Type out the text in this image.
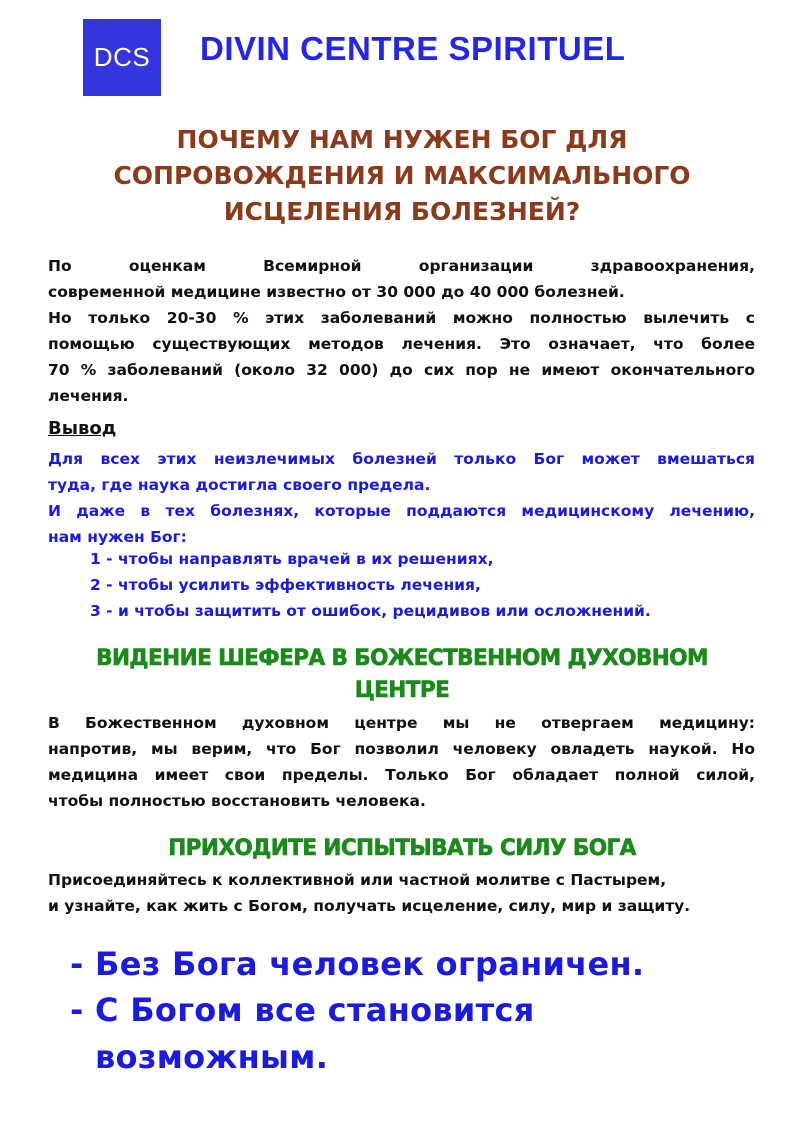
DCS DIVIN CENTRE SPIRITUEL
ПОЧЕМУ НАМ НУЖЕН БОГ ДЛЯ
СОПРОВОЖДЕНИЯ И МАКСИМАЛЬНОГО
ИСЦЕЛЕНИЯ БОЛЕЗНЕЙ?
По оценкам Всемирной организации здравоохранения,
современной медицине известно от 30 000 до 40 000 болезней.
Но только 20-30 % этих заболеваний можно полностью вылечить с
помощью существующих методов лечения. Это означает, что более
70 % заболеваний (около 32 000) до сих пор не имеют окончательного
лечения.
Вывод
Для всех этих неизлечимых болезней только Бог может вмешаться
туда, где наука достигла своего предела.
И даже в тех болезнях, которые поддаются медицинскому лечению,
нам нужен Бог:
1 - чтобы направлять врачей в их решениях,
2 - чтобы усилить эффективность лечения,
3 - и чтобы защитить от ошибок, рецидивов или осложнений.
ВИДЕНИЕ ШЕФЕРА В БОЖЕСТВЕННОМ ДУХОВНОМ
ЦЕНТРЕ
В Божественном духовном центре мы не отвергаем медицину:
напротив, мы верим, что Бог позволил человеку овладеть наукой. Но
медицина имеет свои пределы. Только Бог обладает полной силой,
чтобы полностью восстановить человека.
ПРИХОДИТЕ ИСПЫТЫВАТЬ СИЛУ БОГА
Присоединяйтесь к коллективной или частной молитве с Пастырем,
и узнайте, как жить с Богом, получать исцеление, силу, мир и защиту.
- Без Бога человек ограничен.
- С Богом все становится
возможным.
